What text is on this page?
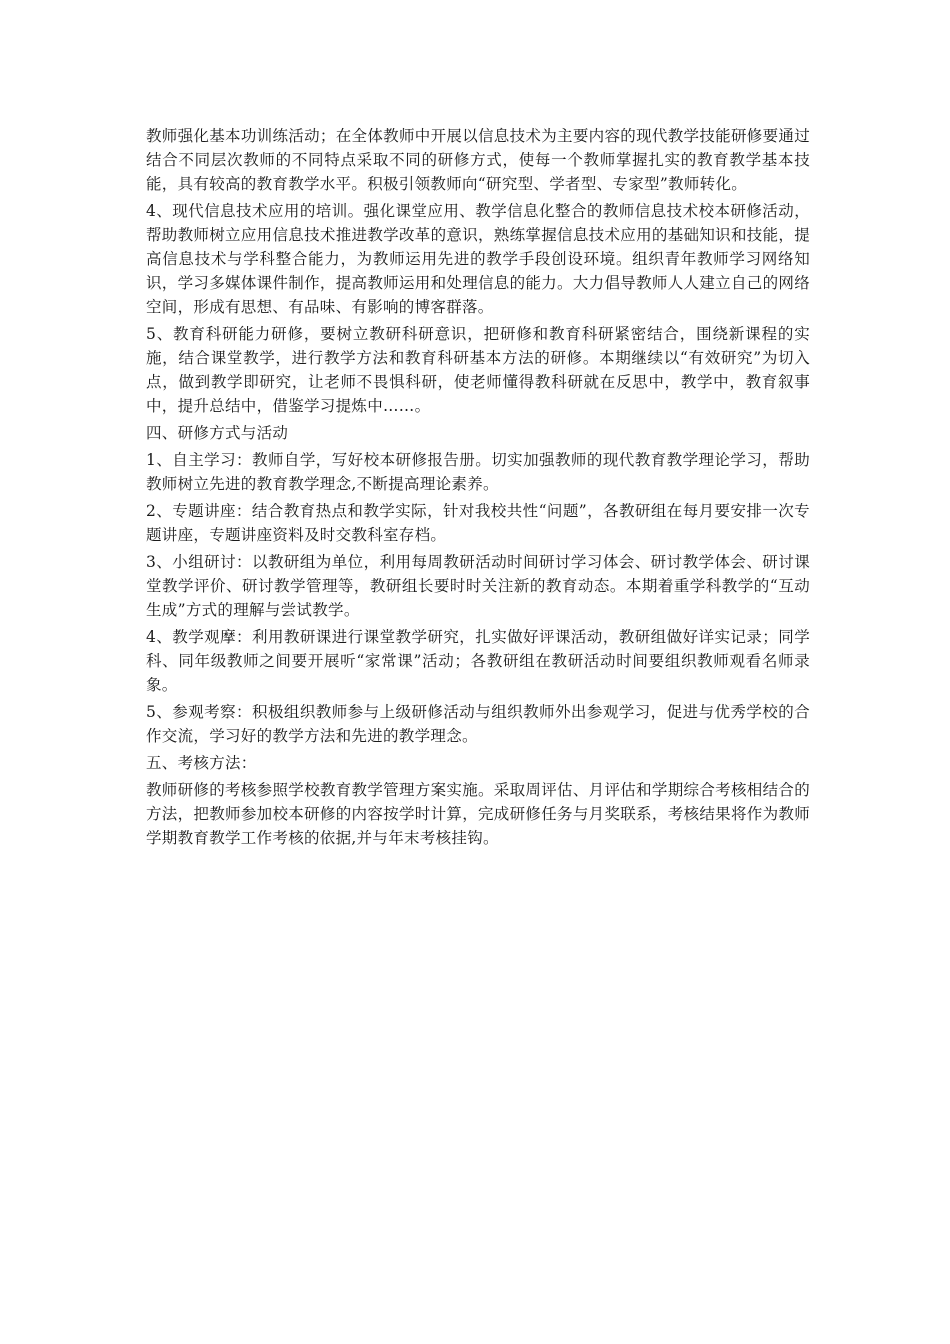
教师强化基本功训练活动；在全体教师中开展以信息技术为主要内容的现代教学技能研修要通过结合不同层次教师的不同特点采取不同的研修方式，使每一个教师掌握扎实的教育教学基本技能，具有较高的教育教学水平。积极引领教师向“研究型、学者型、专家型”教师转化。

4、现代信息技术应用的培训。强化课堂应用、教学信息化整合的教师信息技术校本研修活动，帮助教师树立应用信息技术推进教学改革的意识，熟练掌握信息技术应用的基础知识和技能，提高信息技术与学科整合能力，为教师运用先进的教学手段创设环境。组织青年教师学习网络知识，学习多媒体课件制作，提高教师运用和处理信息的能力。大力倡导教师人人建立自己的网络空间，形成有思想、有品味、有影响的博客群落。

5、教育科研能力研修，要树立教研科研意识，把研修和教育科研紧密结合，围绕新课程的实施，结合课堂教学，进行教学方法和教育科研基本方法的研修。本期继续以“有效研究”为切入点，做到教学即研究，让老师不畏惧科研，使老师懂得教科研就在反思中，教学中，教育叙事中，提升总结中，借鉴学习提炼中……。

四、研修方式与活动

1、自主学习：教师自学，写好校本研修报告册。切实加强教师的现代教育教学理论学习，帮助教师树立先进的教育教学理念,不断提高理论素养。

2、专题讲座：结合教育热点和教学实际，针对我校共性“问题”，各教研组在每月要安排一次专题讲座，专题讲座资料及时交教科室存档。

3、小组研讨：以教研组为单位，利用每周教研活动时间研讨学习体会、研讨教学体会、研讨课堂教学评价、研讨教学管理等，教研组长要时时关注新的教育动态。本期着重学科教学的“互动生成”方式的理解与尝试教学。

4、教学观摩：利用教研课进行课堂教学研究，扎实做好评课活动，教研组做好详实记录；同学科、同年级教师之间要开展听“家常课”活动；各教研组在教研活动时间要组织教师观看名师录象。

5、参观考察：积极组织教师参与上级研修活动与组织教师外出参观学习，促进与优秀学校的合作交流，学习好的教学方法和先进的教学理念。

五、考核方法：

教师研修的考核参照学校教育教学管理方案实施。采取周评估、月评估和学期综合考核相结合的方法，把教师参加校本研修的内容按学时计算，完成研修任务与月奖联系，考核结果将作为教师学期教育教学工作考核的依据,并与年末考核挂钩。
